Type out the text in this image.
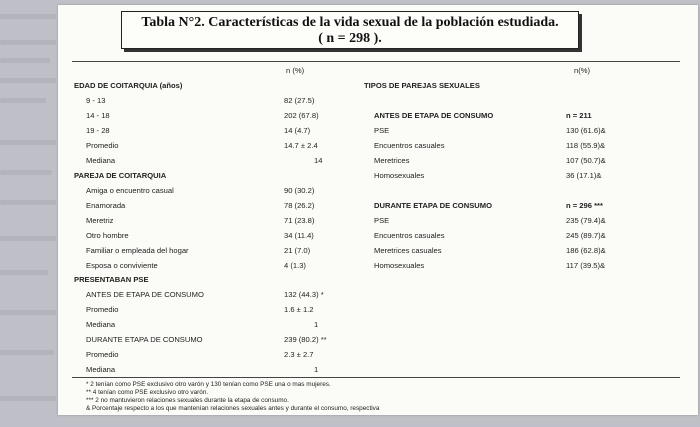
Tabla N°2. Características de la vida sexual de la población estudiada.
( n = 298 ).
n (%)	n(%)
EDAD DE COITARQUIA (años)
9 - 13	82 (27.5)
14 - 18	202 (67.8)
19 - 28	14 (4.7)
Promedio	14.7 ± 2.4
Mediana	14
PAREJA DE COITARQUIA
Amiga o encuentro casual	90 (30.2)
Enamorada	78 (26.2)
Meretriz	71 (23.8)
Otro hombre	34 (11.4)
Familiar o empleada del hogar	21 (7.0)
Esposa o conviviente	4 (1.3)
PRESENTABAN PSE
ANTES DE ETAPA DE CONSUMO	132 (44.3) *
Promedio	1.6 ± 1.2
Mediana	1
DURANTE ETAPA DE CONSUMO	239 (80.2) **
Promedio	2.3 ± 2.7
Mediana	1
TIPOS DE PAREJAS SEXUALES
ANTES DE ETAPA DE CONSUMO	n = 211
PSE	130 (61.6)&
Encuentros casuales	118 (55.9)&
Meretrices	107 (50.7)&
Homosexuales	36 (17.1)&
DURANTE ETAPA DE CONSUMO	n = 296 ***
PSE	235 (79.4)&
Encuentros casuales	245 (89.7)&
Meretrices casuales	186 (62.8)&
Homosexuales	117 (39.5)&
* 2 tenían como PSE exclusivo otro varón y 130 tenían como PSE una o mas mujeres.
** 4 tenían como PSE exclusivo otro varón.
*** 2 no mantuvieron relaciones sexuales durante la etapa de consumo.
& Porcentaje respecto a los que mantenían relaciones sexuales antes y durante el consumo, respectiva
